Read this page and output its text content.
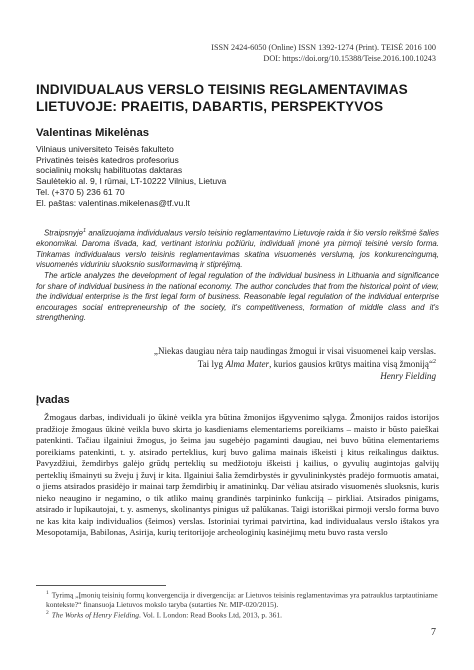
ISSN 2424-6050 (Online) ISSN 1392-1274 (Print). TEISĖ 2016 100
DOI: https://doi.org/10.15388/Teise.2016.100.10243
INDIVIDUALAUS VERSLO TEISINIS REGLAMENTAVIMAS
LIETUVOJE: PRAEITIS, DABARTIS, PERSPEKTYVOS
Valentinas Mikelėnas
Vilniaus universiteto Teisės fakulteto
Privatinės teisės katedros profesorius
socialinių mokslų habilituotas daktaras
Saulėtekio al. 9, I rūmai, LT-10222 Vilnius, Lietuva
Tel. (+370 5) 236 61 70
El. paštas: valentinas.mikelenas@tf.vu.lt
Straipsnyje$^1$ analizuojama individualaus verslo teisinio reglamentavimo Lietuvoje raida ir šio verslo reikšmė šalies ekonomikai. Daroma išvada, kad, vertinant istoriniu požiūriu, individuali įmonė yra pirmoji teisinė verslo forma. Tinkamas individualaus verslo teisinis reglamentavimas skatina visuomenės verslumą, jos konkurencingumą, visuomenės viduriniu sluoksnio susiformavimą ir stiprėjimą.
The article analyzes the development of legal regulation of the individual business in Lithuania and significance for share of individual business in the national economy. The author concludes that from the historical point of view, the individual enterprise is the first legal form of business. Reasonable legal regulation of the individual enterprise encourages social entrepreneurship of the society, it's competitiveness, formation of middle class and it's strengthening.
„Niekas daugiau nėra taip naudingas žmogui ir visai visuomenei kaip verslas.
Tai lyg Alma Mater, kurios gausios krūtys maitina visą žmoniją“$^2$
Henry Fielding
Įvadas
Žmogaus darbas, individuali jo ūkinė veikla yra būtina žmonijos išgyvenimo sąlyga. Žmonijos raidos istorijos pradžioje žmogaus ūkinė veikla buvo skirta jo kasdieniams elementariems poreikiams – maisto ir būsto paieškai patenkinti. Tačiau ilgainiui žmogus, jo šeima jau sugebėjo pagaminti daugiau, nei buvo būtina elementariems poreikiams patenkinti, t. y. atsirado perteklius, kurį buvo galima mainais iškeisti į kitus reikalingus daiktus. Pavyzdžiui, žemdirbys galėjo grūdų perteklių su medžiotoju iškeisti į kailius, o gyvulių augintojas galvijų perteklių išmainyti su žveju į žuvį ir kita. Ilgainiui šalia žemdirbystės ir gyvulininkystės pradėjo formuotis amatai, o jiems atsirados prasidėjo ir mainai tarp žemdirbių ir amatininkų. Dar vėliau atsirado visuomenės sluoksnis, kuris nieko neaugino ir negamino, o tik atliko mainų grandinės tarpininko funkciją – pirkliai. Atsirados pinigams, atsirado ir lupikautojai, t. y. asmenys, skolinantys pinigus už palūkanas. Taigi istoriškai pirmoji verslo forma buvo ne kas kita kaip individualios (šeimos) verslas. Istoriniai tyrimai patvirtina, kad individualaus verslo ištakos yra Mesopotamija, Babilonas, Asirija, kurių teritorijoje archeologinių kasinėjimų metu buvo rasta verslo
$^1$ Tyrimą „Įmonių teisinių formų konvergencija ir divergencija: ar Lietuvos teisinis reglamentavimas yra patrauklus tarptautiniame kontekste?“ finansuoja Lietuvos mokslo taryba (sutarties Nr. MIP-020/2015).
$^2$ The Works of Henry Fielding. Vol. I. London: Read Books Ltd, 2013, p. 361.
7
